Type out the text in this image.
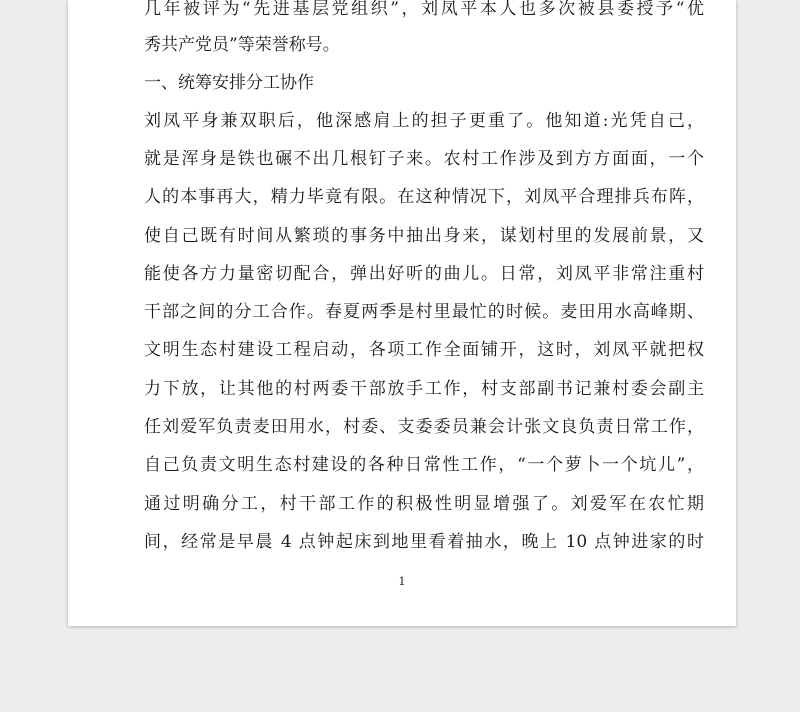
几年被评为“先进基层党组织”，刘凤平本人也多次被县委授予“优
秀共产党员”等荣誉称号。
一、统筹安排分工协作
刘凤平身兼双职后，他深感肩上的担子更重了。他知道:光凭自己，
就是浑身是铁也碾不出几根钉子来。农村工作涉及到方方面面，一个
人的本事再大，精力毕竟有限。在这种情况下，刘凤平合理排兵布阵，
使自己既有时间从繁琐的事务中抽出身来，谋划村里的发展前景，又
能使各方力量密切配合，弹出好听的曲儿。日常，刘凤平非常注重村
干部之间的分工合作。春夏两季是村里最忙的时候。麦田用水高峰期、
文明生态村建设工程启动，各项工作全面铺开，这时，刘凤平就把权
力下放，让其他的村两委干部放手工作，村支部副书记兼村委会副主
任刘爱军负责麦田用水，村委、支委委员兼会计张文良负责日常工作，
自己负责文明生态村建设的各种日常性工作，“一个萝卜一个坑儿”，
通过明确分工，村干部工作的积极性明显增强了。刘爱军在农忙期
间，经常是早晨 4 点钟起床到地里看着抽水，晚上 10 点钟进家的时
1
